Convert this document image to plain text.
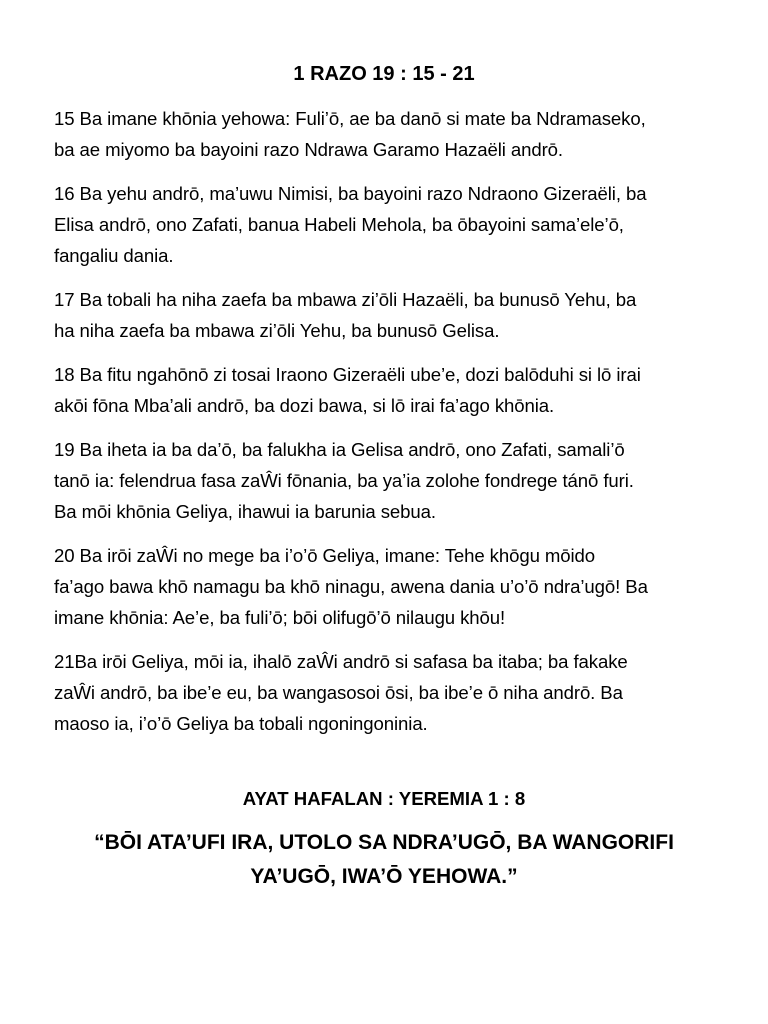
1 RAZO 19 : 15 - 21

15 Ba imane khōnia yehowa: Fuli’ō, ae ba danō si mate ba Ndramaseko,
ba ae miyomo ba bayoini razo Ndrawa Garamo Hazaëli andrō.

16 Ba yehu andrō, ma’uwu Nimisi, ba bayoini razo Ndraono Gizeraëli, ba
Elisa andrō, ono Zafati, banua Habeli Mehola, ba ōbayoini sama’ele’ō,
fangaliu dania.

17 Ba tobali ha niha zaefa ba mbawa zi’ōli Hazaëli, ba bunusō Yehu, ba
ha niha zaefa ba mbawa zi’ōli Yehu, ba bunusō Gelisa.

18 Ba fitu ngahōnō zi tosai Iraono Gizeraëli ube’e, dozi balōduhi si lō irai
akōi fōna Mba’ali andrō, ba dozi bawa, si lō irai fa’ago khōnia.

19 Ba iheta ia ba da’ō, ba falukha ia Gelisa andrō, ono Zafati, samali’ō
tanō ia: felendrua fasa zaŴi fōnania, ba ya’ia zolohe fondrege tánō furi.
Ba mōi khōnia Geliya, ihawui ia barunia sebua.

20 Ba irōi zaŴi no mege ba i’o’ō Geliya, imane: Tehe khōgu mōido
fa’ago bawa khō namagu ba khō ninagu, awena dania u’o’ō ndra’ugō! Ba
imane khōnia: Ae’e, ba fuli’ō; bōi olifugō’ō nilaugu khōu!

21Ba irōi Geliya, mōi ia, ihalō zaŴi andrō si safasa ba itaba; ba fakake
zaŴi andrō, ba ibe’e eu, ba wangasosoi ōsi, ba ibe’e ō niha andrō. Ba
maoso ia, i’o’ō Geliya ba tobali ngoningoninia.

AYAT HAFALAN : YEREMIA 1 : 8
“BŌI ATA’UFI IRA, UTOLO SA NDRA’UGŌ, BA WANGORIFI
YA’UGŌ, IWA’Ō YEHOWA.”
